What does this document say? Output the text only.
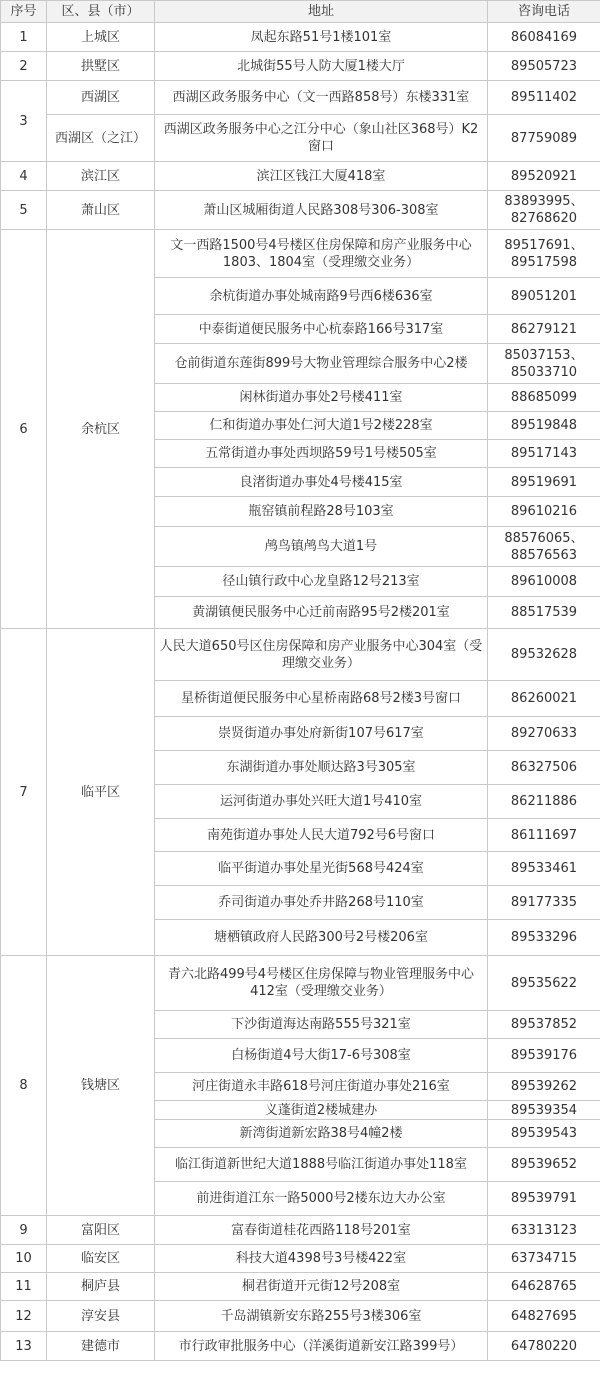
序号	区、县（市）	地址	咨询电话
1	上城区	凤起东路51号1楼101室	86084169
2	拱墅区	北城街55号人防大厦1楼大厅	89505723
3	西湖区	西湖区政务服务中心（文一西路858号）东楼331室	89511402
	西湖区（之江）	西湖区政务服务中心之江分中心（象山社区368号）K2窗口	87759089
4	滨江区	滨江区钱江大厦418室	89520921
5	萧山区	萧山区城厢街道人民路308号306-308室	83893995、82768620
6	余杭区	文一西路1500号4号楼区住房保障和房产业服务中心1803、1804室（受理缴交业务）	89517691、89517598
		余杭街道办事处城南路9号西6楼636室	89051201
		中泰街道便民服务中心杭泰路166号317室	86279121
		仓前街道东莲街899号大物业管理综合服务中心2楼	85037153、85033710
		闲林街道办事处2号楼411室	88685099
		仁和街道办事处仁河大道1号2楼228室	89519848
		五常街道办事处西坝路59号1号楼505室	89517143
		良渚街道办事处4号楼415室	89519691
		瓶窑镇前程路28号103室	89610216
		鸬鸟镇鸬鸟大道1号	88576065、88576563
		径山镇行政中心龙皇路12号213室	89610008
		黄湖镇便民服务中心迁前南路95号2楼201室	88517539
7	临平区	人民大道650号区住房保障和房产业服务中心304室（受理缴交业务）	89532628
		星桥街道便民服务中心星桥南路68号2楼3号窗口	86260021
		崇贤街道办事处府新街107号617室	89270633
		东湖街道办事处顺达路3号305室	86327506
		运河街道办事处兴旺大道1号410室	86211886
		南苑街道办事处人民大道792号6号窗口	86111697
		临平街道办事处星光街568号424室	89533461
		乔司街道办事处乔井路268号110室	89177335
		塘栖镇政府人民路300号2号楼206室	89533296
8	钱塘区	青六北路499号4号楼区住房保障与物业管理服务中心412室（受理缴交业务）	89535622
		下沙街道海达南路555号321室	89537852
		白杨街道4号大街17-6号308室	89539176
		河庄街道永丰路618号河庄街道办事处216室	89539262
		义蓬街道2楼城建办	89539354
		新湾街道新宏路38号4幢2楼	89539543
		临江街道新世纪大道1888号临江街道办事处118室	89539652
		前进街道江东一路5000号2楼东边大办公室	89539791
9	富阳区	富春街道桂花西路118号201室	63313123
10	临安区	科技大道4398号3号楼422室	63734715
11	桐庐县	桐君街道开元街12号208室	64628765
12	淳安县	千岛湖镇新安东路255号3楼306室	64827695
13	建德市	市行政审批服务中心（洋溪街道新安江路399号）	64780220
